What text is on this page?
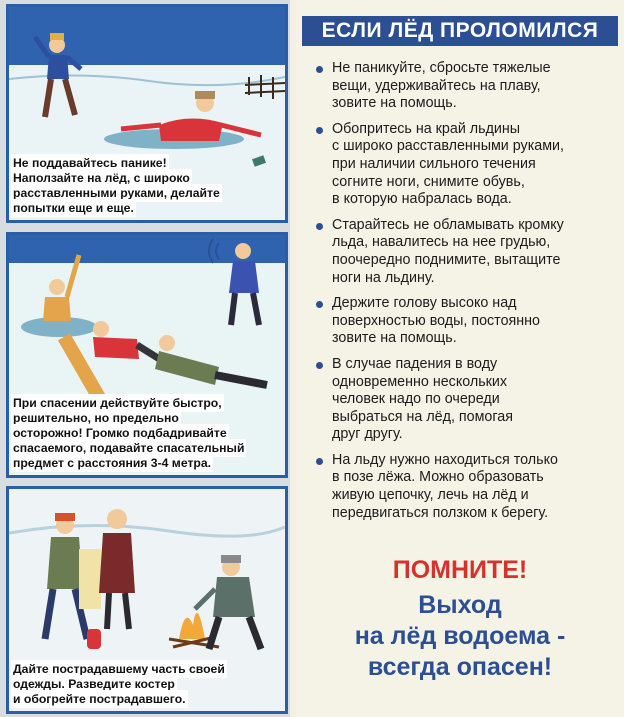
Не поддавайтесь панике!
Наползайте на лёд, с широко
расставленными руками, делайте
попытки еще и еще.
При спасении действуйте быстро,
решительно, но предельно
осторожно! Громко подбадривайте
спасаемого, подавайте спасательный
предмет с расстояния 3-4 метра.
Дайте пострадавшему часть своей
одежды. Разведите костер
и обогрейте пострадавшего.
ЕСЛИ ЛЁД ПРОЛОМИЛСЯ
Не паникуйте, сбросьте тяжелые
вещи, удерживайтесь на плаву,
зовите на помощь.
Обопритесь на край льдины
с широко расставленными руками,
при наличии сильного течения
согните ноги, снимите обувь,
в которую набралась вода.
Старайтесь не обламывать кромку
льда, навалитесь на нее грудью,
поочередно поднимите, вытащите
ноги на льдину.
Держите голову высоко над
поверхностью воды, постоянно
зовите на помощь.
В случае падения в воду
одновременно нескольких
человек надо по очереди
выбраться на лёд, помогая
друг другу.
На льду нужно находиться только
в позе лёжа. Можно образовать
живую цепочку, лечь на лёд и
передвигаться ползком к берегу.
ПОМНИТЕ!
Выход
на лёд водоема -
всегда опасен!
